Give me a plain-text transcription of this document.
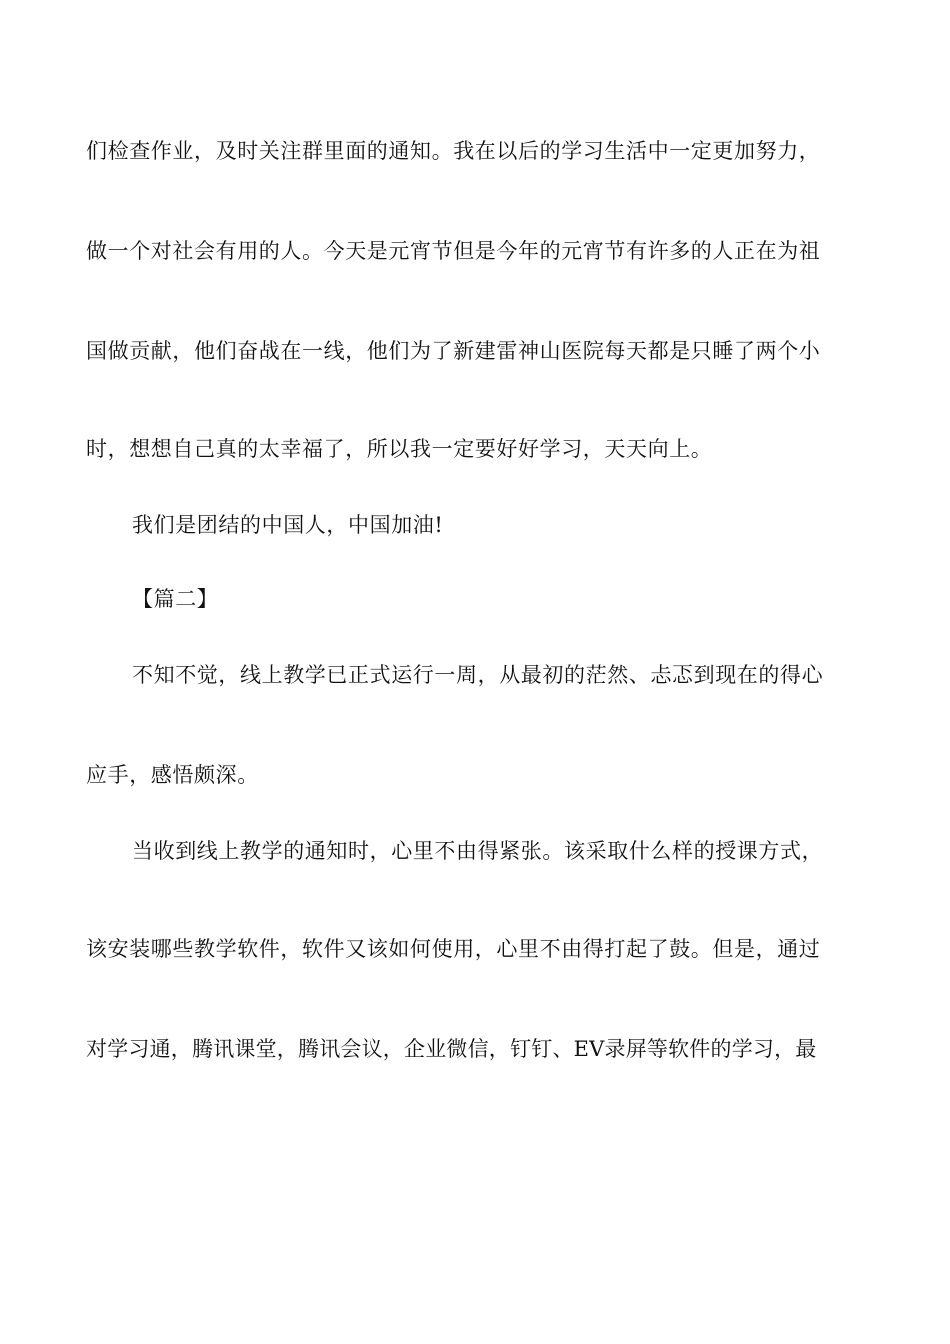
们检查作业，及时关注群里面的通知。我在以后的学习生活中一定更加努力，
做一个对社会有用的人。今天是元宵节但是今年的元宵节有许多的人正在为祖
国做贡献，他们奋战在一线，他们为了新建雷神山医院每天都是只睡了两个小
时，想想自己真的太幸福了，所以我一定要好好学习，天天向上。
我们是团结的中国人，中国加油!
【篇二】
不知不觉，线上教学已正式运行一周，从最初的茫然、忐忑到现在的得心
应手，感悟颇深。
当收到线上教学的通知时，心里不由得紧张。该采取什么样的授课方式，
该安装哪些教学软件，软件又该如何使用，心里不由得打起了鼓。但是，通过
对学习通，腾讯课堂，腾讯会议，企业微信，钉钉、EV录屏等软件的学习，最
